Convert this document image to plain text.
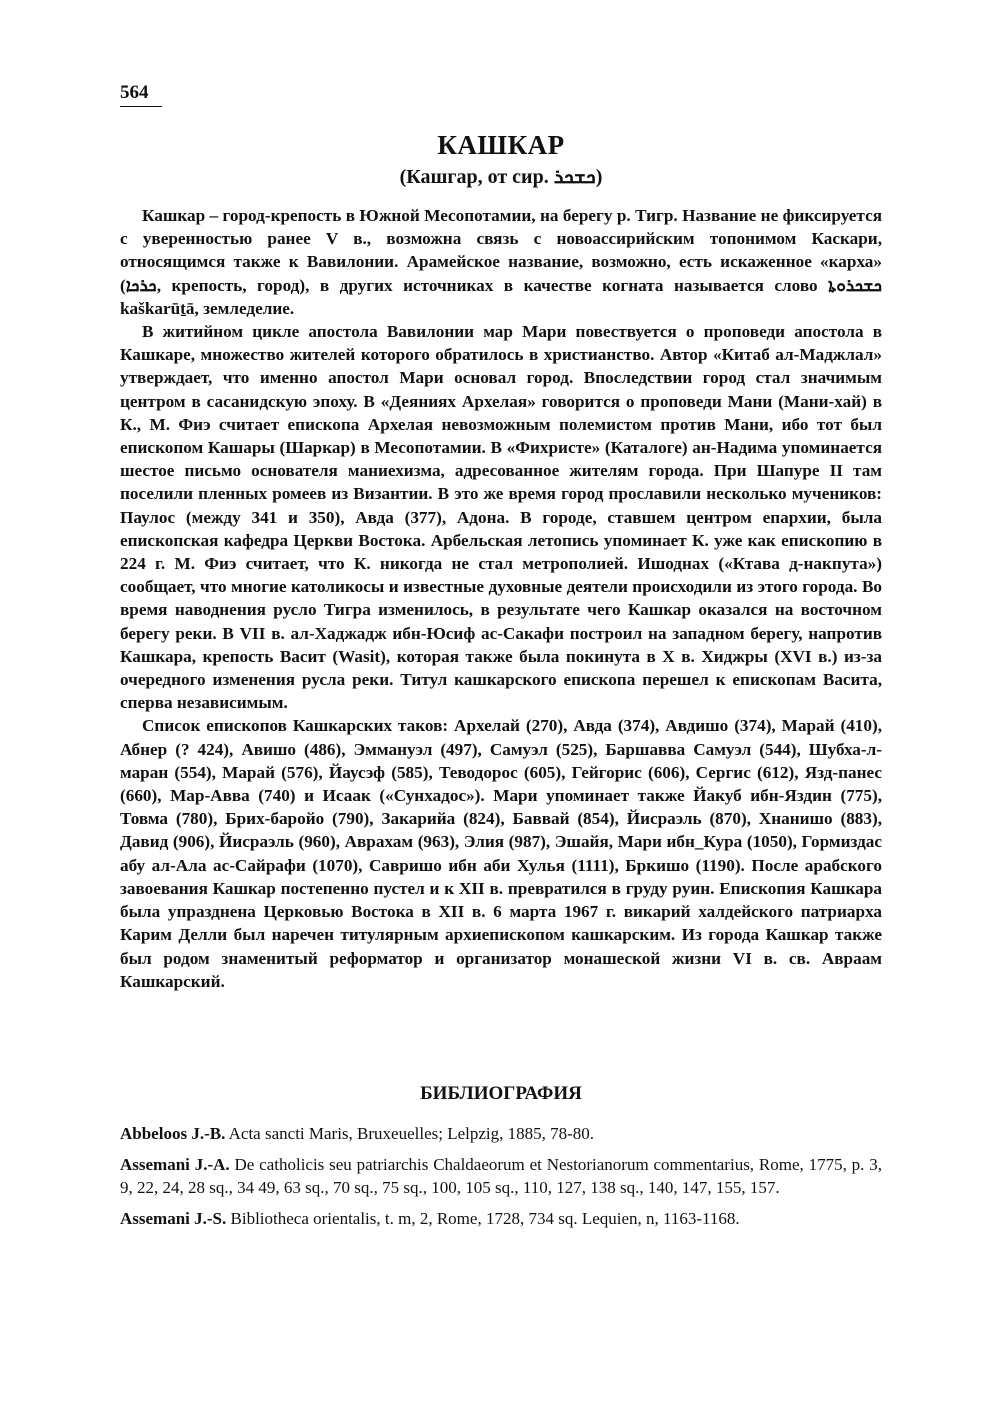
564
КАШКАР
(Кашгар, от сир. ܟܫܟܪ)

Кашкар – город-крепость в Южной Месопотамии, на берегу р. Тигр. Название не фиксируется с уверенностью ранее V в., возможна связь с новоассирийским топонимом Каскари, относящимся также к Вавилонии. Арамейское название, возможно, есть искаженное «карха» (ܟܪܟܐ, крепость, город), в других источниках в качестве когната называется слово ܟܫܟܪܘܬܐ kaškarūṯā, земледелие.

В житийном цикле апостола Вавилонии мар Мари повествуется о проповеди апостола в Кашкаре, множество жителей которого обратилось в христианство. Автор «Китаб ал-Маджлал» утверждает, что именно апостол Мари основал город. Впоследствии город стал значимым центром в сасанидскую эпоху. В «Деяниях Архелая» говорится о проповеди Мани (Мани-хай) в К., М. Фиэ считает епископа Архелая невозможным полемистом против Мани, ибо тот был епископом Кашары (Шаркар) в Месопотамии. В «Фихристе» (Каталоге) ан-Надима упоминается шестое письмо основателя маниехизма, адресованное жителям города. При Шапуре II там поселили пленных ромеев из Византии. В это же время город прославили несколько мучеников: Паулос (между 341 и 350), Авда (377), Адона. В городе, ставшем центром епархии, была епископская кафедра Церкви Востока. Арбельская летопись упоминает К. уже как епископию в 224 г. М. Фиэ считает, что К. никогда не стал метрополией. Ишоднах («Ктава д-накпута») сообщает, что многие католикосы и известные духовные деятели происходили из этого города. Во время наводнения русло Тигра изменилось, в результате чего Кашкар оказался на восточном берегу реки. В VII в. ал-Хаджадж ибн-Юсиф ас-Сакафи построил на западном берегу, напротив Кашкара, крепость Васит (Wasit), которая также была покинута в X в. Хиджры (XVI в.) из-за очередного изменения русла реки. Титул кашкарского епископа перешел к епископам Васита, сперва независимым.

Список епископов Кашкарских таков: Архелай (270), Авда (374), Авдишо (374), Марай (410), Абнер (? 424), Авишо (486), Эммануэл (497), Самуэл (525), Баршавва Самуэл (544), Шубха-л-маран (554), Марай (576), Йаусэф (585), Теводорос (605), Гейгорис (606), Сергис (612), Язд-панес (660), Мар-Авва (740) и Исаак («Сунхадос»). Мари упоминает также Йакуб ибн-Яздин (775), Товма (780), Брих-баройо (790), Закарийа (824), Баввай (854), Йисраэль (870), Хнанишо (883), Давид (906), Йисраэль (960), Аврахам (963), Элия (987), Эшайя, Мари ибн_Кура (1050), Гормиздас абу ал-Ала ас-Сайрафи (1070), Савришо ибн аби Хулья (1111), Бркишо (1190). После арабского завоевания Кашкар постепенно пустел и к XII в. превратился в груду руин. Епископия Кашкара была упразднена Церковью Востока в XII в. 6 марта 1967 г. викарий халдейского патриарха Карим Делли был наречен титулярным архиепископом кашкарским. Из города Кашкар также был родом знаменитый реформатор и организатор монашеской жизни VI в. св. Авраам Кашкарский.

БИБЛИОГРАФИЯ

Abbeloos J.-B. Acta sancti Maris, Bruxeuelles; Lelpzig, 1885, 78-80.

Assemani J.-A. De catholicis seu patriarchis Chaldaeorum et Nestorianorum commentarius, Rome, 1775, p. 3, 9, 22, 24, 28 sq., 34 49, 63 sq., 70 sq., 75 sq., 100, 105 sq., 110, 127, 138 sq., 140, 147, 155, 157.

Assemani J.-S. Bibliotheca orientalis, t. m, 2, Rome, 1728, 734 sq. Lequien, n, 1163-1168.
